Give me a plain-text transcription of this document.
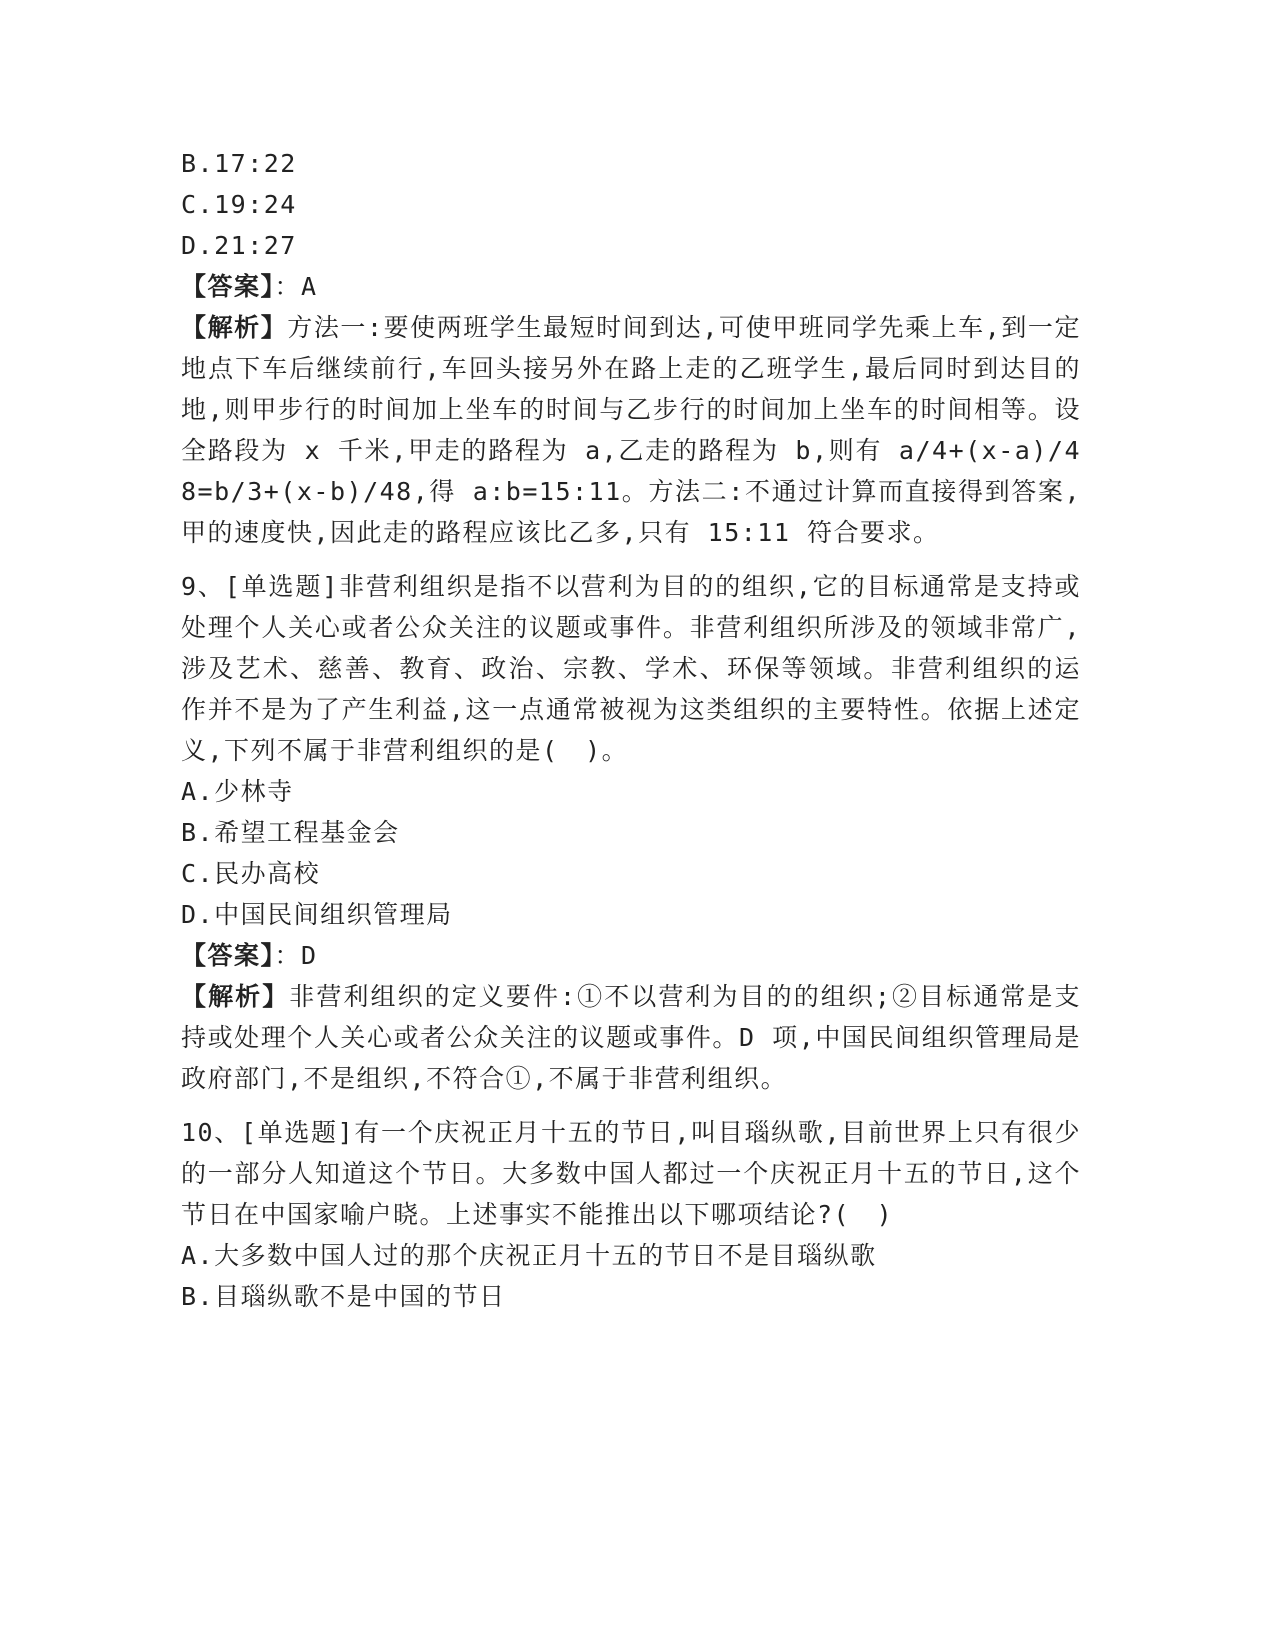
B.17:22

C.19:24

D.21:27

【答案】：A

【解析】方法一:要使两班学生最短时间到达,可使甲班同学先乘上车,到一定地点下车后继续前行,车回头接另外在路上走的乙班学生,最后同时到达目的地,则甲步行的时间加上坐车的时间与乙步行的时间加上坐车的时间相等。设全路段为 x 千米,甲走的路程为 a,乙走的路程为 b,则有 a/4+(x-a)/48=b/3+(x-b)/48,得 a:b=15:11。方法二:不通过计算而直接得到答案,甲的速度快,因此走的路程应该比乙多,只有 15:11 符合要求。

9、[单选题]非营利组织是指不以营利为目的的组织,它的目标通常是支持或处理个人关心或者公众关注的议题或事件。非营利组织所涉及的领域非常广,涉及艺术、慈善、教育、政治、宗教、学术、环保等领域。非营利组织的运作并不是为了产生利益,这一点通常被视为这类组织的主要特性。依据上述定义,下列不属于非营利组织的是(　)。

A.少林寺

B.希望工程基金会

C.民办高校

D.中国民间组织管理局

【答案】：D

【解析】非营利组织的定义要件:①不以营利为目的的组织;②目标通常是支持或处理个人关心或者公众关注的议题或事件。D 项,中国民间组织管理局是政府部门,不是组织,不符合①,不属于非营利组织。

10、[单选题]有一个庆祝正月十五的节日,叫目瑙纵歌,目前世界上只有很少的一部分人知道这个节日。大多数中国人都过一个庆祝正月十五的节日,这个节日在中国家喻户晓。上述事实不能推出以下哪项结论?(　)

A.大多数中国人过的那个庆祝正月十五的节日不是目瑙纵歌

B.目瑙纵歌不是中国的节日
